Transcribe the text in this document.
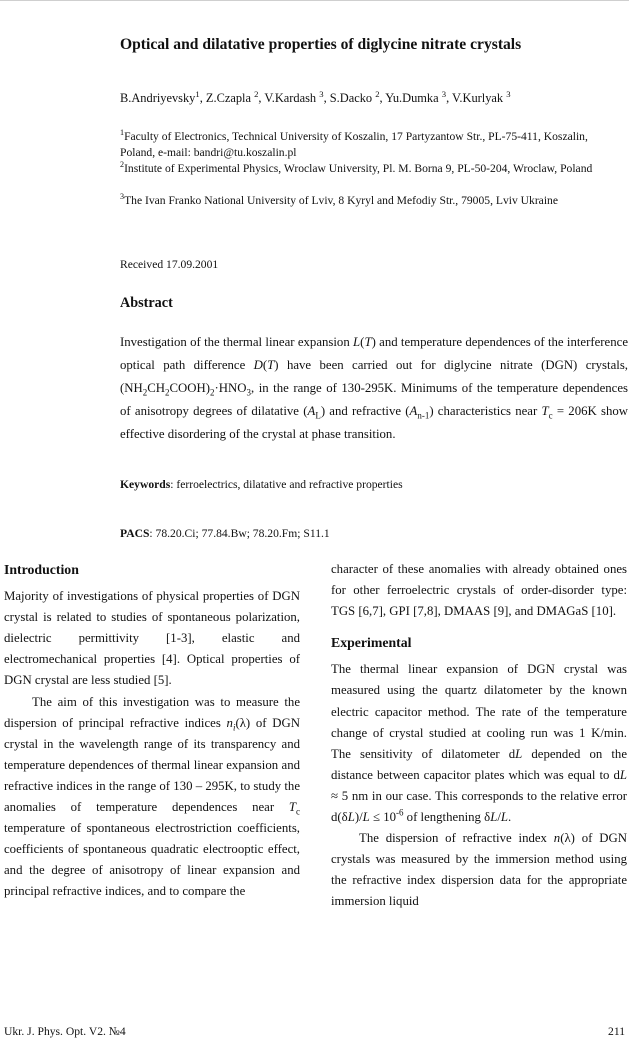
Optical and dilatative properties of diglycine nitrate crystals
B.Andriyevsky$^1$, Z.Czapla $^2$, V.Kardash $^3$, S.Dacko $^2$, Yu.Dumka $^3$, V.Kurlyak $^3$
$^1$Faculty of Electronics, Technical University of Koszalin, 17 Partyzantow Str., PL-75-411, Koszalin, Poland, e-mail: bandri@tu.koszalin.pl
$^2$Institute of Experimental Physics, Wroclaw University, Pl. M. Borna 9, PL-50-204, Wroclaw, Poland
$^3$The Ivan Franko National University of Lviv, 8 Kyryl and Mefodiy Str., 79005, Lviv Ukraine
Received 17.09.2001
Abstract

Investigation of the thermal linear expansion L(T) and temperature dependences of the interference optical path difference D(T) have been carried out for diglycine nitrate (DGN) crystals, $(NH_2CH_2COOH)_2\cdot HNO_3$, in the range of 130-295K. Minimums of the temperature dependences of anisotropy degrees of dilatative $(A_L)$ and refractive $(A_{n-1})$ characteristics near $T_c = 206K$ show effective disordering of the crystal at phase transition.

Keywords: ferroelectrics, dilatative and refractive properties
PACS: 78.20.Ci; 77.84.Bw; 78.20.Fm; S11.1
Introduction

Majority of investigations of physical properties of DGN crystal is related to studies of spontaneous polarization, dielectric permittivity [1-3], elastic and electromechanical properties [4]. Optical properties of DGN crystal are less studied [5].

The aim of this investigation was to measure the dispersion of principal refractive indices $n_i(\lambda)$ of DGN crystal in the wavelength range of its transparency and temperature dependences of thermal linear expansion and refractive indices in the range of 130 – 295K, to study the anomalies of temperature dependences near $T_c$ temperature of spontaneous electrostriction coefficients, coefficients of spontaneous quadratic electrooptic effect, and the degree of anisotropy of linear expansion and principal refractive indices, and to compare the

character of these anomalies with already obtained ones for other ferroelectric crystals of order-disorder type: TGS [6,7], GPI [7,8], DMAAS [9], and DMAGaS [10].

Experimental

The thermal linear expansion of DGN crystal was measured using the quartz dilatometer by the known electric capacitor method. The rate of the temperature change of crystal studied at cooling run was 1 K/min. The sensitivity of dilatometer dL depended on the distance between capacitor plates which was equal to dL ≈ 5 nm in our case. This corresponds to the relative error $d(\delta L)/L \le 10^{-6}$ of lengthening δL/L.

The dispersion of refractive index n(λ) of DGN crystals was measured by the immersion method using the refractive index dispersion data for the appropriate immersion liquid

Ukr. J. Phys. Opt. V2. №4	211
